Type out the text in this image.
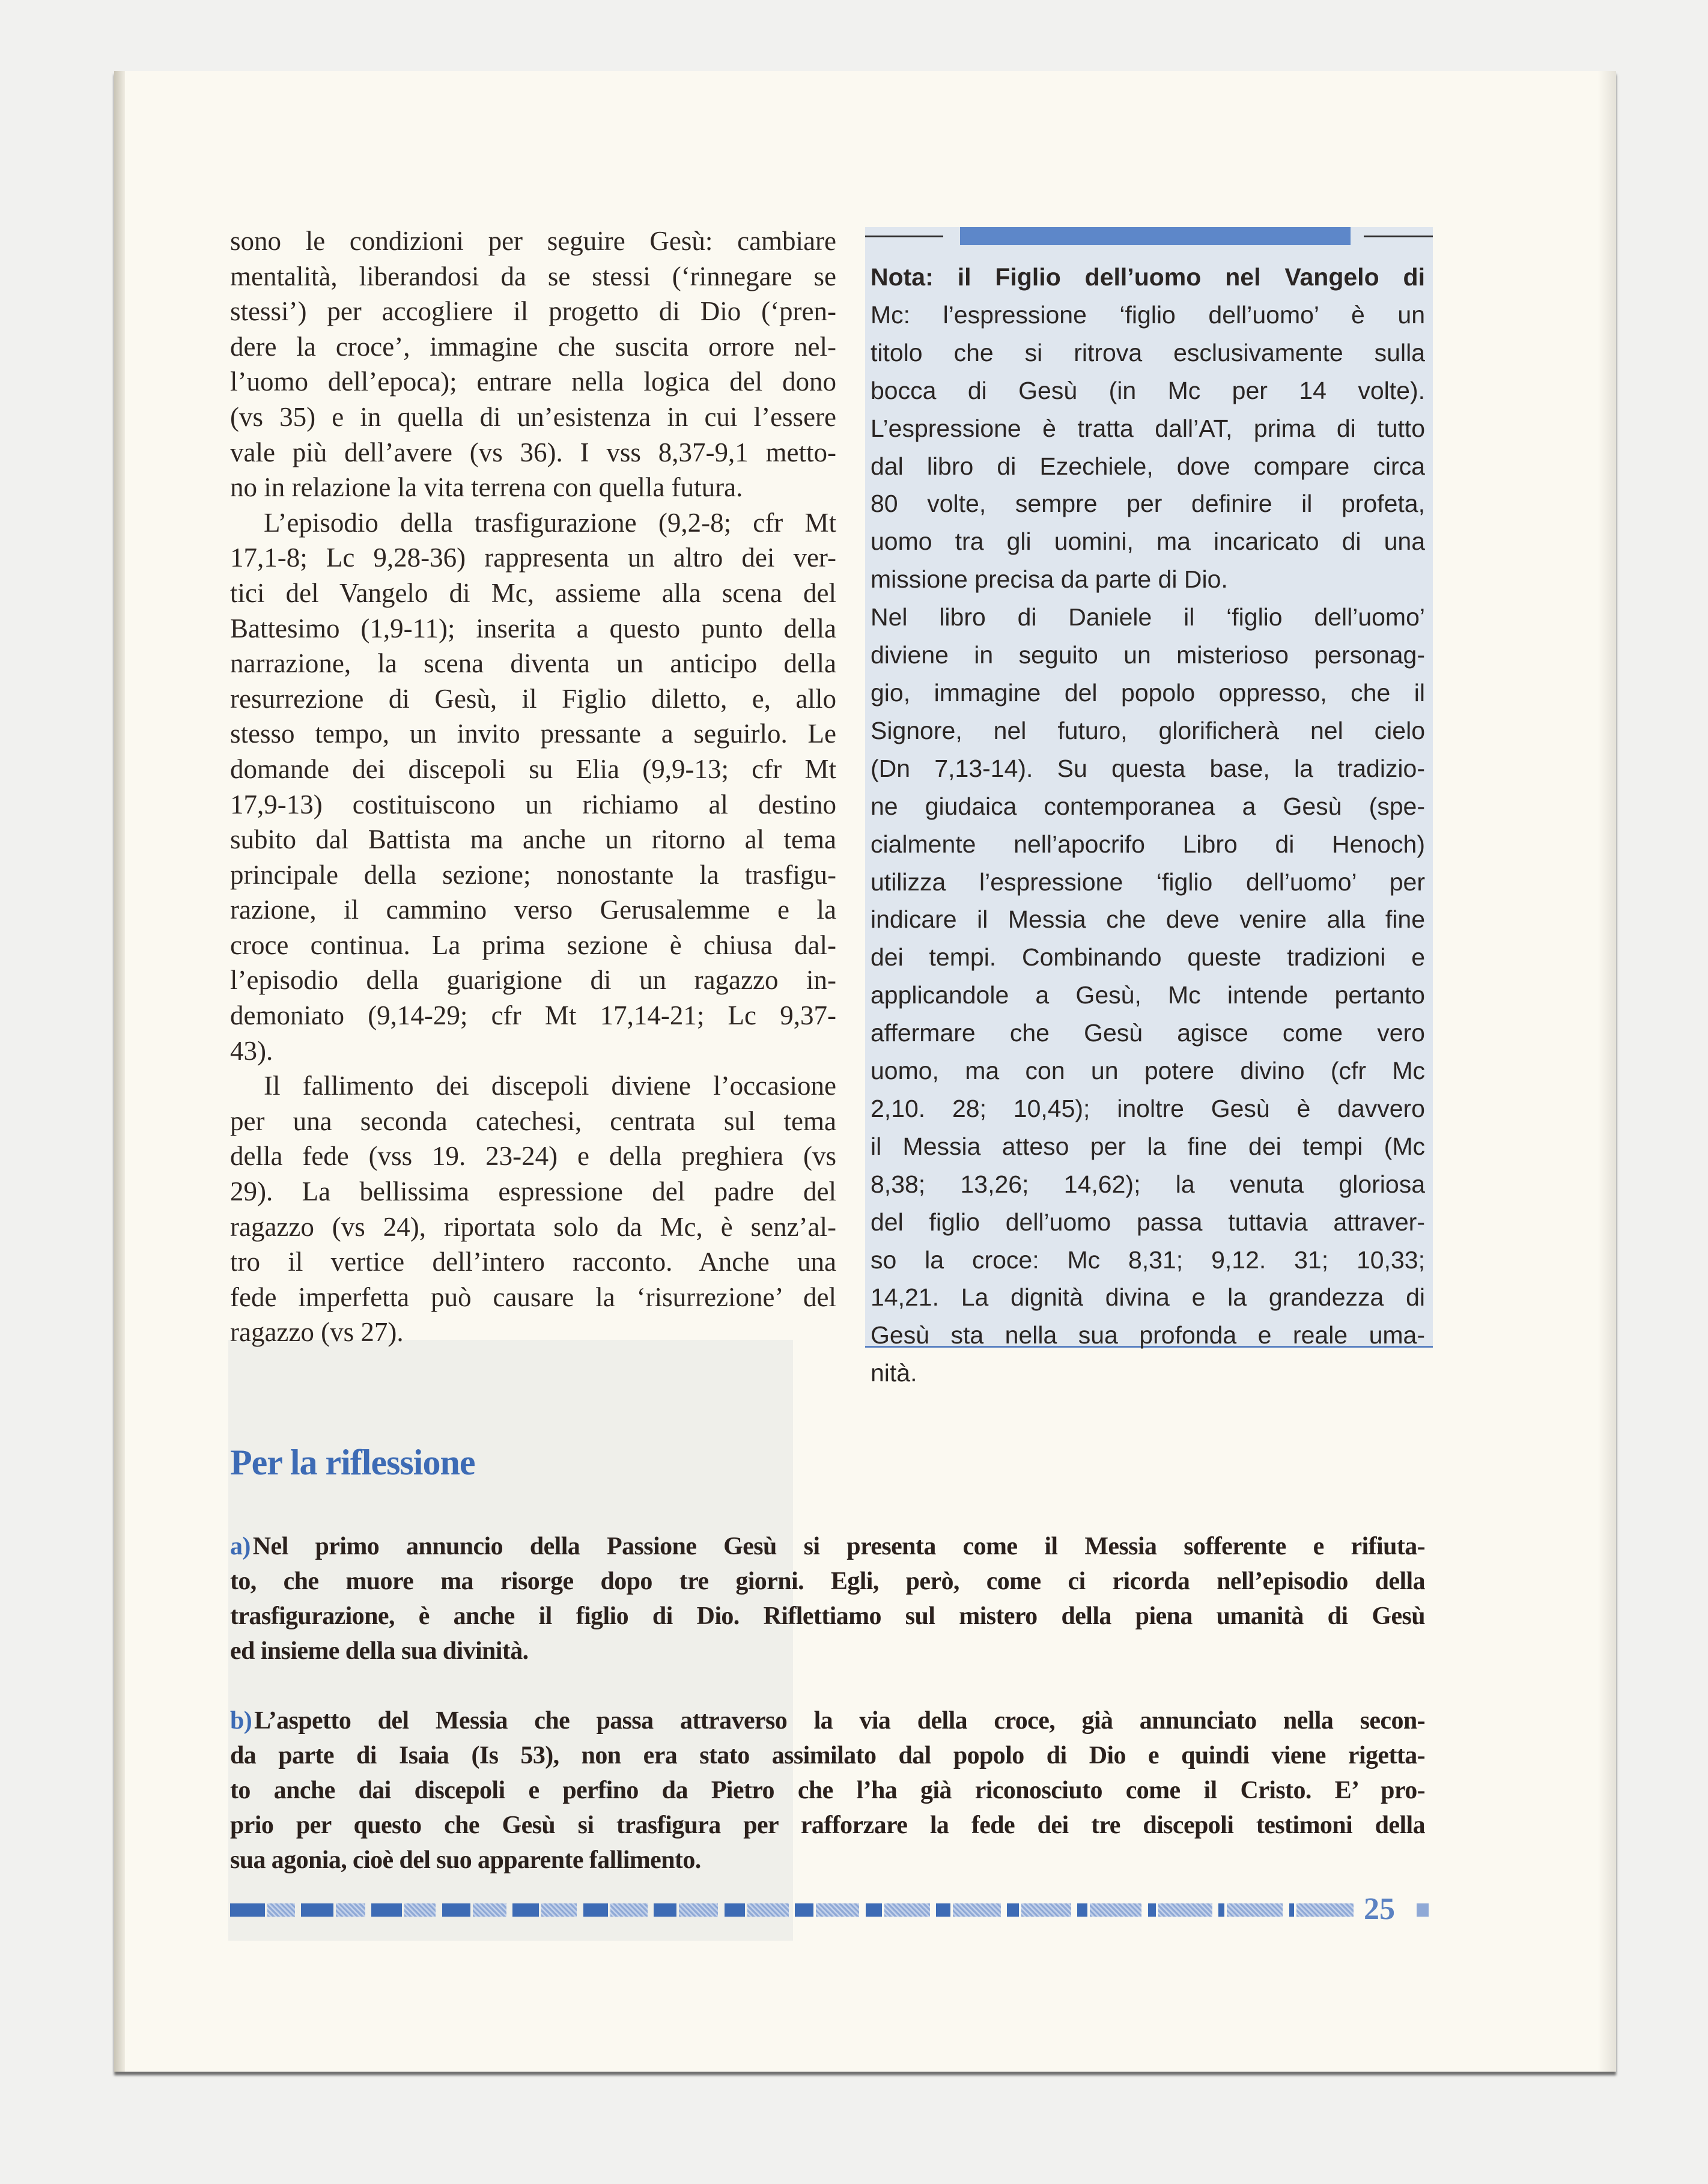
sono le condizioni per seguire Gesù: cambiare
mentalità, liberandosi da se stessi (‘rinnegare se
stessi’) per accogliere il progetto di Dio (‘pren-
dere la croce’, immagine che suscita orrore nel-
l’uomo dell’epoca); entrare nella logica del dono
(vs 35) e in quella di un’esistenza in cui l’essere
vale più dell’avere (vs 36). I vss 8,37-9,1 metto-
no in relazione la vita terrena con quella futura.
L’episodio della trasfigurazione (9,2-8; cfr Mt
17,1-8; Lc 9,28-36) rappresenta un altro dei ver-
tici del Vangelo di Mc, assieme alla scena del
Battesimo (1,9-11); inserita a questo punto della
narrazione, la scena diventa un anticipo della
resurrezione di Gesù, il Figlio diletto, e, allo
stesso tempo, un invito pressante a seguirlo. Le
domande dei discepoli su Elia (9,9-13; cfr Mt
17,9-13) costituiscono un richiamo al destino
subito dal Battista ma anche un ritorno al tema
principale della sezione; nonostante la trasfigu-
razione, il cammino verso Gerusalemme e la
croce continua. La prima sezione è chiusa dal-
l’episodio della guarigione di un ragazzo in-
demoniato (9,14-29; cfr Mt 17,14-21; Lc 9,37-
43).
Il fallimento dei discepoli diviene l’occasione
per una seconda catechesi, centrata sul tema
della fede (vss 19. 23-24) e della preghiera (vs
29). La bellissima espressione del padre del
ragazzo (vs 24), riportata solo da Mc, è senz’al-
tro il vertice dell’intero racconto. Anche una
fede imperfetta può causare la ‘risurrezione’ del
ragazzo (vs 27).
Nota: il Figlio dell’uomo nel Vangelo di
Mc: l’espressione ‘figlio dell’uomo’ è un
titolo che si ritrova esclusivamente sulla
bocca di Gesù (in Mc per 14 volte).
L’espressione è tratta dall’AT, prima di tutto
dal libro di Ezechiele, dove compare circa
80 volte, sempre per definire il profeta,
uomo tra gli uomini, ma incaricato di una
missione precisa da parte di Dio.
Nel libro di Daniele il ‘figlio dell’uomo’
diviene in seguito un misterioso personag-
gio, immagine del popolo oppresso, che il
Signore, nel futuro, glorificherà nel cielo
(Dn 7,13-14). Su questa base, la tradizio-
ne giudaica contemporanea a Gesù (spe-
cialmente nell’apocrifo Libro di Henoch)
utilizza l’espressione ‘figlio dell’uomo’ per
indicare il Messia che deve venire alla fine
dei tempi. Combinando queste tradizioni e
applicandole a Gesù, Mc intende pertanto
affermare che Gesù agisce come vero
uomo, ma con un potere divino (cfr Mc
2,10. 28; 10,45); inoltre Gesù è davvero
il Messia atteso per la fine dei tempi (Mc
8,38; 13,26; 14,62); la venuta gloriosa
del figlio dell’uomo passa tuttavia attraver-
so la croce: Mc 8,31; 9,12. 31; 10,33;
14,21. La dignità divina e la grandezza di
Gesù sta nella sua profonda e reale uma-
nità.
Per la riflessione
a)Nel primo annuncio della Passione Gesù si presenta come il Messia sofferente e rifiuta-
to, che muore ma risorge dopo tre giorni. Egli, però, come ci ricorda nell’episodio della
trasfigurazione, è anche il figlio di Dio. Riflettiamo sul mistero della piena umanità di Gesù
ed insieme della sua divinità.
b)L’aspetto del Messia che passa attraverso la via della croce, già annunciato nella secon-
da parte di Isaia (Is 53), non era stato assimilato dal popolo di Dio e quindi viene rigetta-
to anche dai discepoli e perfino da Pietro che l’ha già riconosciuto come il Cristo. E’ pro-
prio per questo che Gesù si trasfigura per rafforzare la fede dei tre discepoli testimoni della
sua agonia, cioè del suo apparente fallimento.
25
